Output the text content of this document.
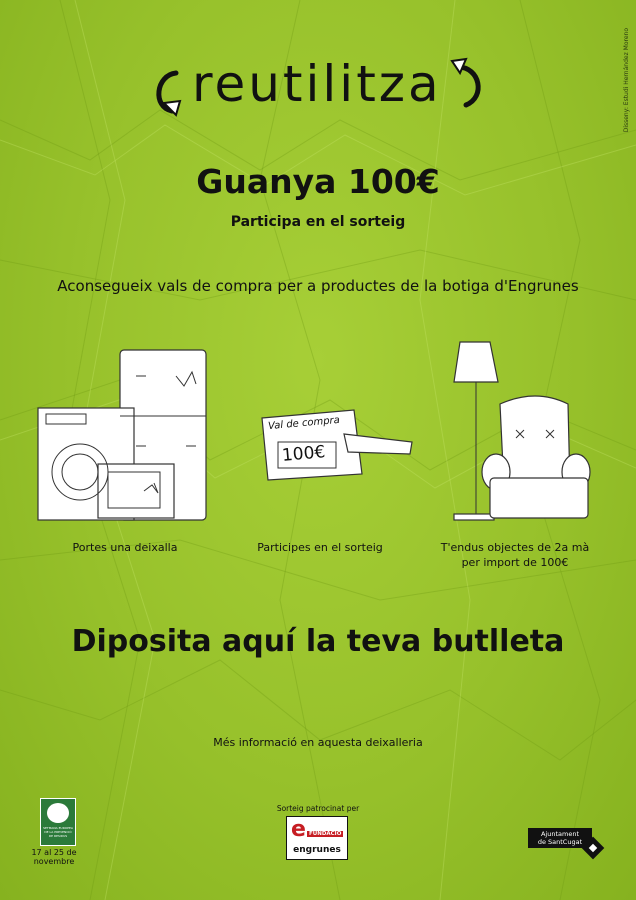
reutilitza	Disseny: Estudi Hernández Moreno
Guanya 100€
Participa en el sorteig
Aconsegueix vals de compra per a productes de la botiga d'Engrunes
Portes una deixalla
Val de compra
100€
Participes en el sorteig	T'endus objectes de 2a mà
per import de 100€
Diposita aquí la teva butlleta
Més informació en aquesta deixalleria
SETMANA EUROPEA
DE LA PREVENCIÓ
DE RESIDUS
17 al 25 de
novembre
Sorteig patrocinat per
e FUNDACIÓ
engrunes
Ajuntament
de SantCugat
